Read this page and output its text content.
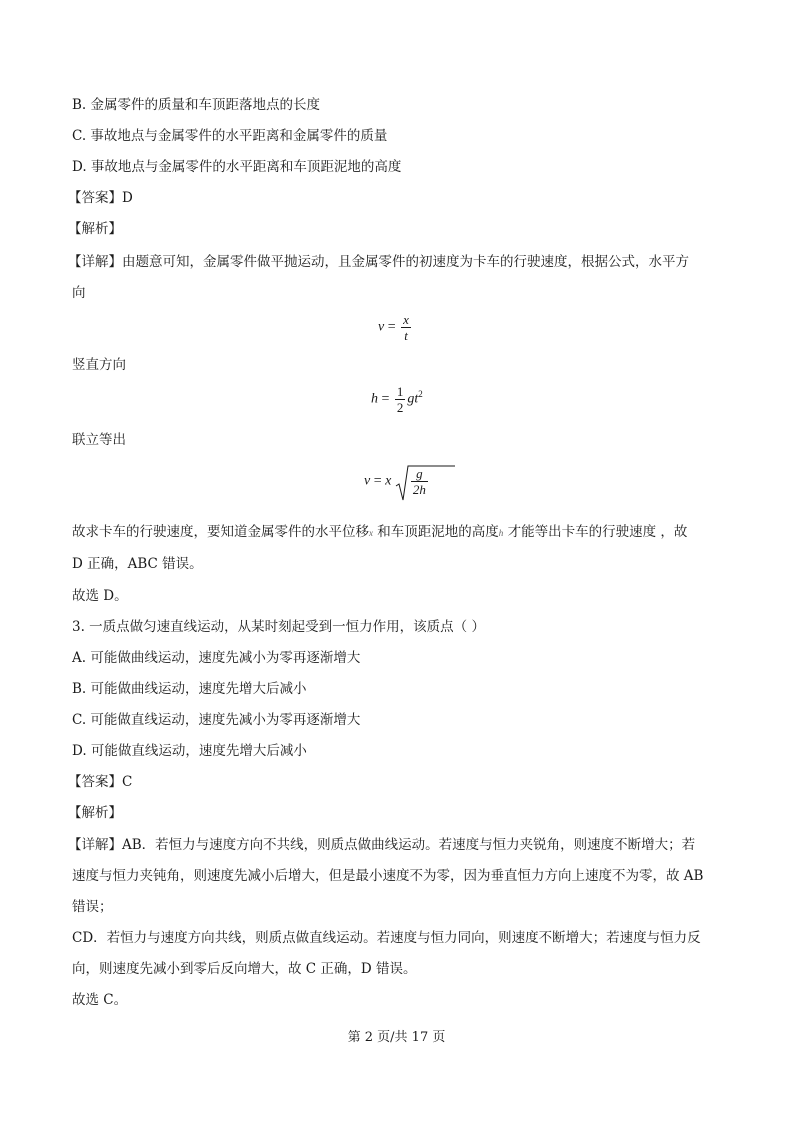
B. 金属零件的质量和车顶距落地点的长度
C. 事故地点与金属零件的水平距离和金属零件的质量
D. 事故地点与金属零件的水平距离和车顶距泥地的高度
【答案】D
【解析】
【详解】由题意可知，金属零件做平抛运动，且金属零件的初速度为卡车的行驶速度，根据公式，水平方
向
$v = \frac{x}{t}$
竖直方向
$h = \frac{1}{2} gt^2$
联立等出
v = x $\frac{g}{2h}$
故求卡车的行驶速度，要知道金属零件的水平位移x 和车顶距泥地的高度h 才能等出卡车的行驶速度 ，故
D 正确，ABC 错误。
故选 D。
3. 一质点做匀速直线运动，从某时刻起受到一恒力作用，该质点（ ）
A. 可能做曲线运动，速度先减小为零再逐渐增大
B. 可能做曲线运动，速度先增大后减小
C. 可能做直线运动，速度先减小为零再逐渐增大
D. 可能做直线运动，速度先增大后减小
【答案】C
【解析】
【详解】AB．若恒力与速度方向不共线，则质点做曲线运动。若速度与恒力夹锐角，则速度不断增大；若
速度与恒力夹钝角，则速度先减小后增大，但是最小速度不为零，因为垂直恒力方向上速度不为零，故 AB
错误；
CD．若恒力与速度方向共线，则质点做直线运动。若速度与恒力同向，则速度不断增大；若速度与恒力反
向，则速度先减小到零后反向增大，故 C 正确，D 错误。
故选 C。
第 2 页/共 17 页
